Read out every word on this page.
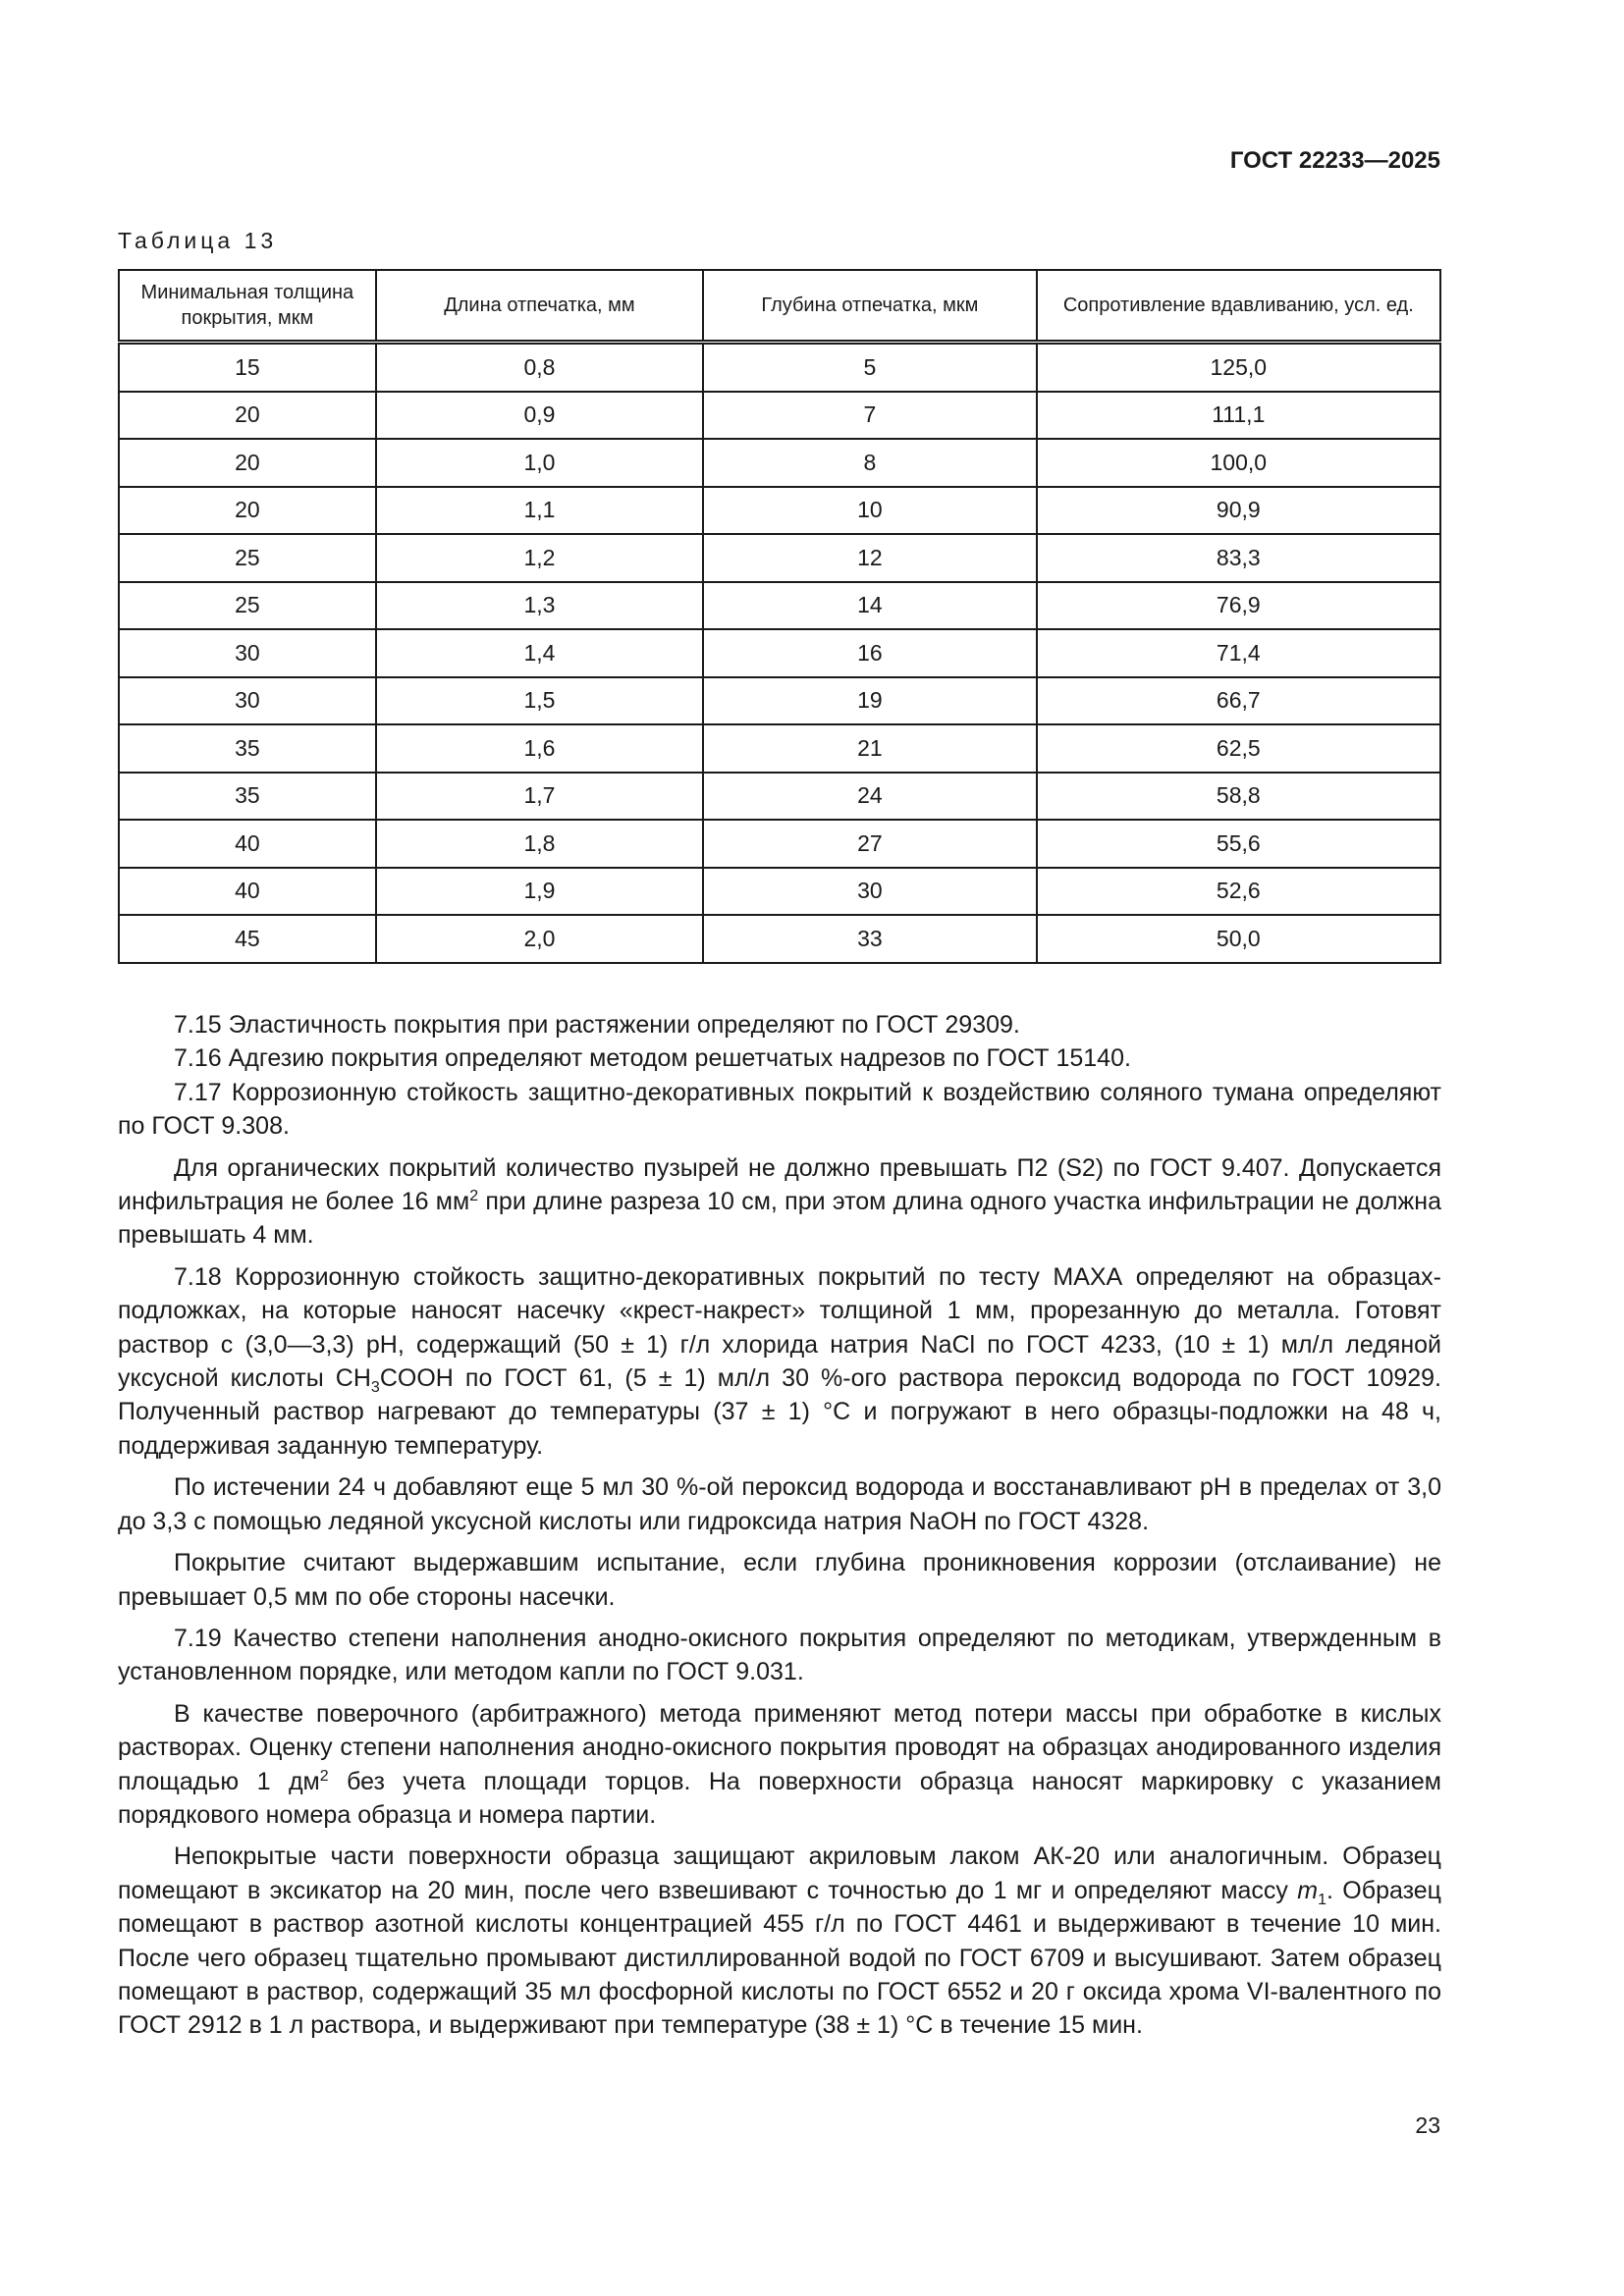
ГОСТ 22233—2025
Таблица 13
Минимальная толщина покрытия, мкм	Длина отпечатка, мм	Глубина отпечатка, мкм	Сопротивление вдавливанию, усл. ед.
15	0,8	5	125,0
20	0,9	7	111,1
20	1,0	8	100,0
20	1,1	10	90,9
25	1,2	12	83,3
25	1,3	14	76,9
30	1,4	16	71,4
30	1,5	19	66,7
35	1,6	21	62,5
35	1,7	24	58,8
40	1,8	27	55,6
40	1,9	30	52,6
45	2,0	33	50,0

7.15 Эластичность покрытия при растяжении определяют по ГОСТ 29309.

7.16 Адгезию покрытия определяют методом решетчатых надрезов по ГОСТ 15140.

7.17 Коррозионную стойкость защитно-декоративных покрытий к воздействию соляного тумана определяют по ГОСТ 9.308.

Для органических покрытий количество пузырей не должно превышать П2 (S2) по ГОСТ 9.407. Допускается инфильтрация не более 16 $мм^2$ при длине разреза 10 см, при этом длина одного участка инфильтрации не должна превышать 4 мм.

7.18 Коррозионную стойкость защитно-декоративных покрытий по тесту МАХА определяют на образцах-подложках, на которые наносят насечку «крест-накрест» толщиной 1 мм, прорезанную до металла. Готовят раствор с (3,0—3,3) pH, содержащий (50 ± 1) г/л хлорида натрия NaCl по ГОСТ 4233, (10 ± 1) мл/л ледяной уксусной кислоты $CH_3COOH$ по ГОСТ 61, (5 ± 1) мл/л 30 %-ого раствора пероксид водорода по ГОСТ 10929. Полученный раствор нагревают до температуры (37 ± 1) °С и погружают в него образцы-подложки на 48 ч, поддерживая заданную температуру.

По истечении 24 ч добавляют еще 5 мл 30 %-ой пероксид водорода и восстанавливают pH в пределах от 3,0 до 3,3 с помощью ледяной уксусной кислоты или гидроксида натрия NaOH по ГОСТ 4328.

Покрытие считают выдержавшим испытание, если глубина проникновения коррозии (отслаивание) не превышает 0,5 мм по обе стороны насечки.

7.19 Качество степени наполнения анодно-окисного покрытия определяют по методикам, утвержденным в установленном порядке, или методом капли по ГОСТ 9.031.

В качестве поверочного (арбитражного) метода применяют метод потери массы при обработке в кислых растворах. Оценку степени наполнения анодно-окисного покрытия проводят на образцах анодированного изделия площадью 1 $дм^2$ без учета площади торцов. На поверхности образца наносят маркировку с указанием порядкового номера образца и номера партии.

Непокрытые части поверхности образца защищают акриловым лаком АК-20 или аналогичным. Образец помещают в эксикатор на 20 мин, после чего взвешивают с точностью до 1 мг и определяют массу $m_1$. Образец помещают в раствор азотной кислоты концентрацией 455 г/л по ГОСТ 4461 и выдерживают в течение 10 мин. После чего образец тщательно промывают дистиллированной водой по ГОСТ 6709 и высушивают. Затем образец помещают в раствор, содержащий 35 мл фосфорной кислоты по ГОСТ 6552 и 20 г оксида хрома VI-валентного по ГОСТ 2912 в 1 л раствора, и выдерживают при температуре (38 ± 1) °С в течение 15 мин.

23
